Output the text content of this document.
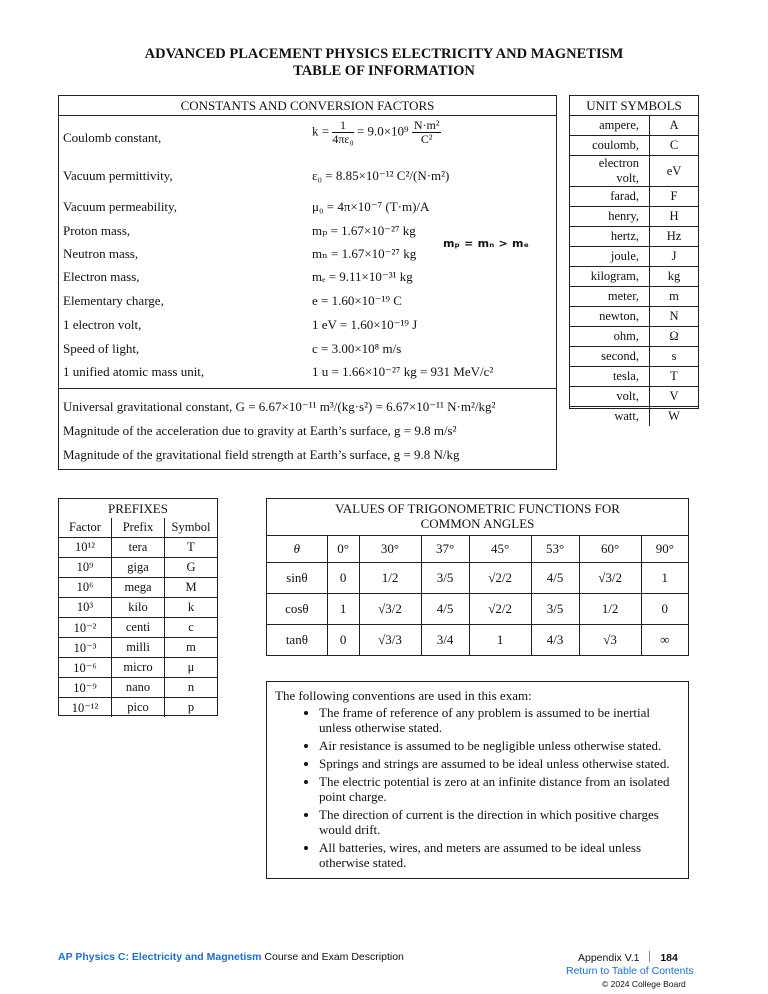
ADVANCED PLACEMENT PHYSICS ELECTRICITY AND MAGNETISM
TABLE OF INFORMATION
CONSTANTS AND CONVERSION FACTORS
Coulomb constant,	$k = \frac{1}{\text{4πε₀}} = 9.0\times 10^9 \frac{\text{N·m²}}{\text{C²}}$
Vacuum permittivity,	ε₀ = 8.85×10⁻¹² C²/(N·m²)
Vacuum permeability,	μ₀ = 4π×10⁻⁷ (T·m)/A
Proton mass,	mₚ = 1.67×10⁻²⁷ kg
Neutron mass,	mₙ = 1.67×10⁻²⁷ kg
mₚ = mₙ > mₑ
Electron mass,	mₑ = 9.11×10⁻³¹ kg
Elementary charge,	e = 1.60×10⁻¹⁹ C
1 electron volt,	1 eV = 1.60×10⁻¹⁹ J
Speed of light,	c = 3.00×10⁸ m/s
1 unified atomic mass unit,	1 u = 1.66×10⁻²⁷ kg = 931 MeV/c²
Universal gravitational constant, G = 6.67×10⁻¹¹ m³/(kg·s²) = 6.67×10⁻¹¹ N·m²/kg²
Magnitude of the acceleration due to gravity at Earth’s surface, g = 9.8 m/s²
Magnitude of the gravitational field strength at Earth’s surface, g = 9.8 N/kg
UNIT SYMBOLS
ampere,	A
coulomb,	C
electron volt,	eV
farad,	F
henry,	H
hertz,	Hz
joule,	J
kilogram,	kg
meter,	m
newton,	N
ohm,	Ω
second,	s
tesla,	T
volt,	V
watt,	W
PREFIXES
Factor	Prefix	Symbol
10¹²	tera	T
10⁹	giga	G
10⁶	mega	M
10³	kilo	k
10⁻²	centi	c
10⁻³	milli	m
10⁻⁶	micro	μ
10⁻⁹	nano	n
10⁻¹²	pico	p
VALUES OF TRIGONOMETRIC FUNCTIONS FOR
COMMON ANGLES
θ	0°	30°	37°	45°	53°	60°	90°
sinθ	0	1/2	3/5	√2/2	4/5	√3/2	1
cosθ	1	√3/2	4/5	√2/2	3/5	1/2	0
tanθ	0	√3/3	3/4	1	4/3	√3	∞
The following conventions are used in this exam:
• The frame of reference of any problem is assumed to be inertial unless otherwise stated.
• Air resistance is assumed to be negligible unless otherwise stated.
• Springs and strings are assumed to be ideal unless otherwise stated.
• The electric potential is zero at an infinite distance from an isolated point charge.
• The direction of current is the direction in which positive charges would drift.
• All batteries, wires, and meters are assumed to be ideal unless otherwise stated.
AP Physics C: Electricity and Magnetism Course and Exam Description	Appendix V.1 184
Return to Table of Contents
© 2024 College Board
